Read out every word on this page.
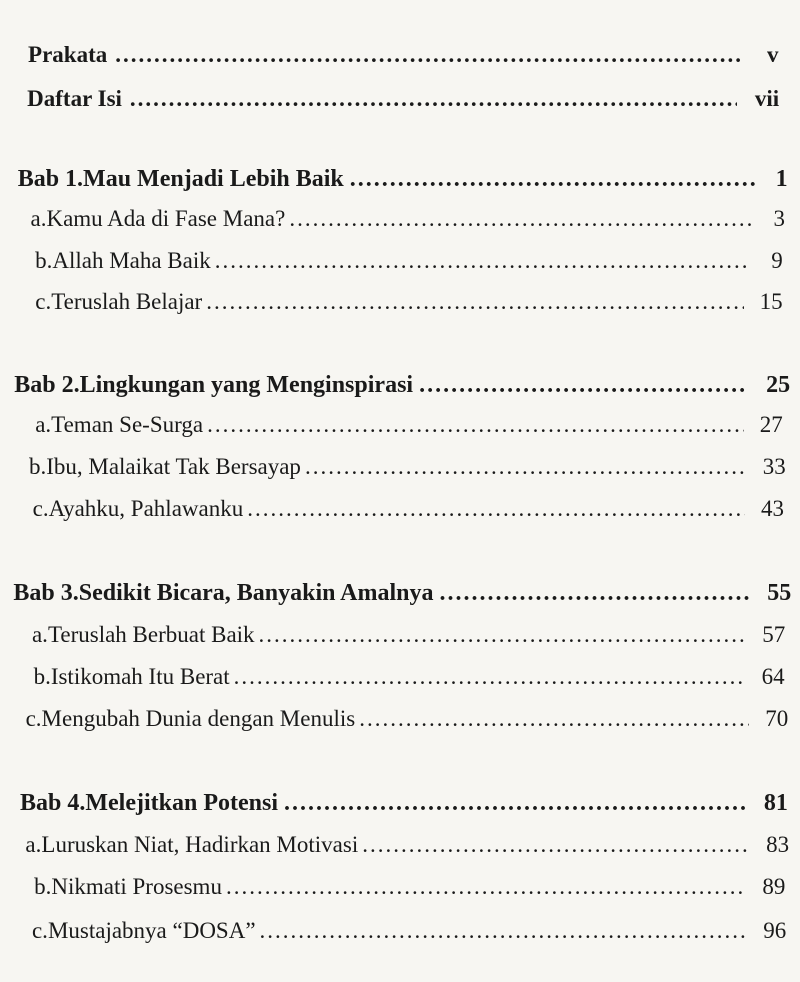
Prakata .....	v
Daftar Isi .....	vii
Bab 1. Mau Menjadi Lebih Baik .....	1
a. Kamu Ada di Fase Mana? .....	3
b. Allah Maha Baik .....	9
c. Teruslah Belajar .....	15
Bab 2. Lingkungan yang Menginspirasi .....	25
a. Teman Se-Surga .....	27
b. Ibu, Malaikat Tak Bersayap .....	33
c. Ayahku, Pahlawanku .....	43
Bab 3. Sedikit Bicara, Banyakin Amalnya .....	55
a. Teruslah Berbuat Baik .....	57
b. Istikomah Itu Berat .....	64
c. Mengubah Dunia dengan Menulis .....	70
Bab 4. Melejitkan Potensi .....	81
a. Luruskan Niat, Hadirkan Motivasi .....	83
b. Nikmati Prosesmu .....	89
c. Mustajabnya “DOSA” .....	96
